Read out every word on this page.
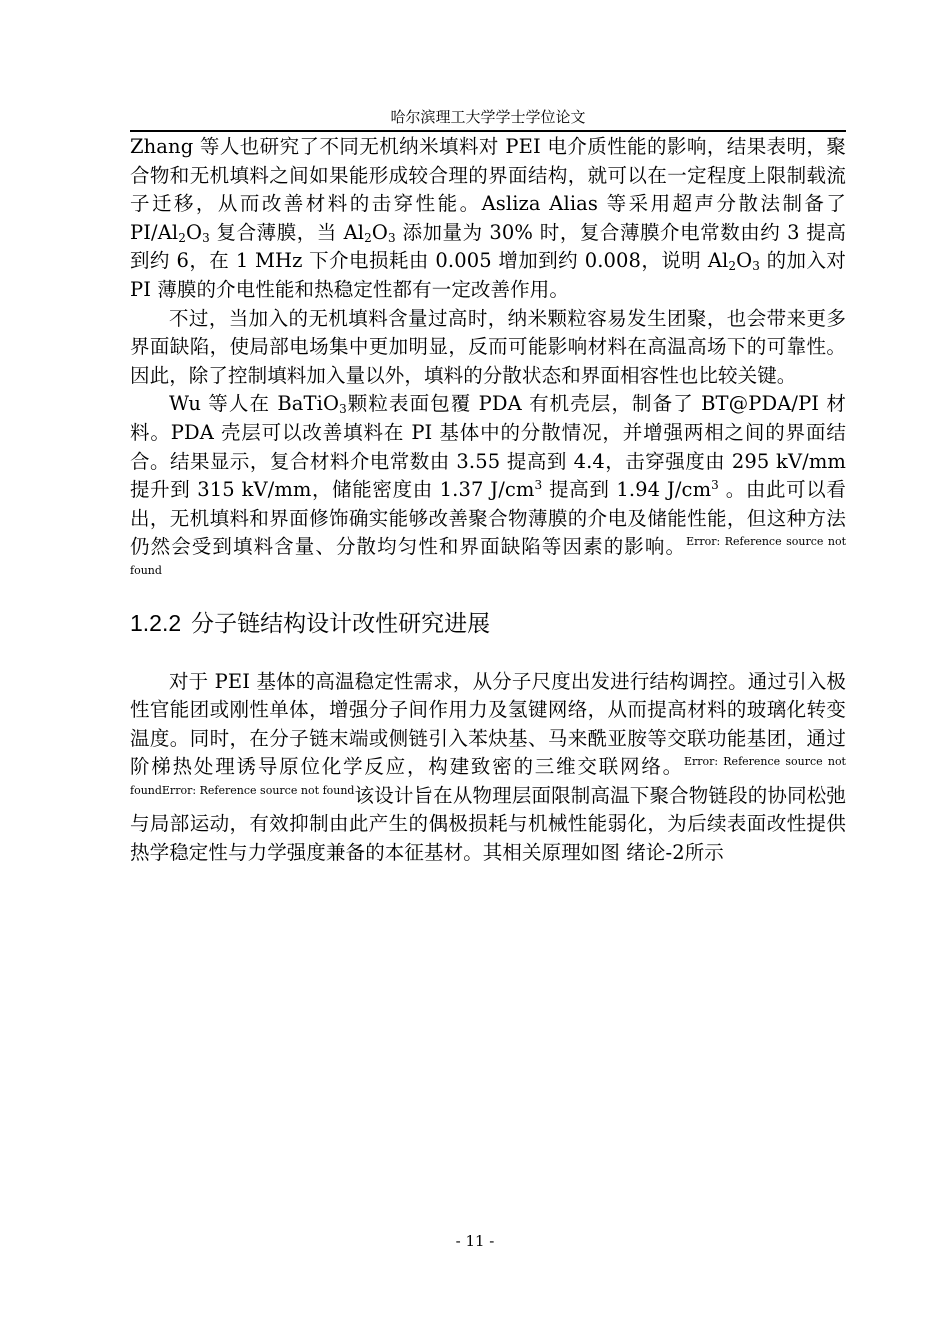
哈尔滨理工大学学士学位论文

Zhang 等人也研究了不同无机纳米填料对 PEI 电介质性能的影响，结果表明，聚合物和无机填料之间如果能形成较合理的界面结构，就可以在一定程度上限制载流子迁移，从而改善材料的击穿性能。Asliza Alias 等采用超声分散法制备了 $PI/Al_2O_3$ 复合薄膜，当 $Al_2O_3$ 添加量为 30% 时，复合薄膜介电常数由约 3 提高到约 6，在 1 MHz 下介电损耗由 0.005 增加到约 0.008，说明 $Al_2O_3$ 的加入对 PI 薄膜的介电性能和热稳定性都有一定改善作用。

不过，当加入的无机填料含量过高时，纳米颗粒容易发生团聚，也会带来更多界面缺陷，使局部电场集中更加明显，反而可能影响材料在高温高场下的可靠性。因此，除了控制填料加入量以外，填料的分散状态和界面相容性也比较关键。

Wu 等人在 BaTiO$_3$颗粒表面包覆 PDA 有机壳层，制备了 BT@PDA/PI 材料。PDA 壳层可以改善填料在 PI 基体中的分散情况，并增强两相之间的界面结合。结果显示，复合材料介电常数由 3.55 提高到 4.4，击穿强度由 295 kV/mm 提升到 315 kV/mm，储能密度由 1.37 $J/cm^3$ 提高到 1.94 $J/cm^3$ 。由此可以看出，无机填料和界面修饰确实能够改善聚合物薄膜的介电及储能性能，但这种方法仍然会受到填料含量、分散均匀性和界面缺陷等因素的影响。$^{Error: Reference source not found}$

1.2.2 分子链结构设计改性研究进展

对于 PEI 基体的高温稳定性需求，从分子尺度出发进行结构调控。通过引入极性官能团或刚性单体，增强分子间作用力及氢键网络，从而提高材料的玻璃化转变温度。同时，在分子链末端或侧链引入苯炔基、马来酰亚胺等交联功能基团，通过阶梯热处理诱导原位化学反应，构建致密的三维交联网络。$^{Error: Reference source not foundError: Reference source not found}$该设计旨在从物理层面限制高温下聚合物链段的协同松弛与局部运动，有效抑制由此产生的偶极损耗与机械性能弱化，为后续表面改性提供热学稳定性与力学强度兼备的本征基材。其相关原理如图 绪论-2所示

- 11 -
